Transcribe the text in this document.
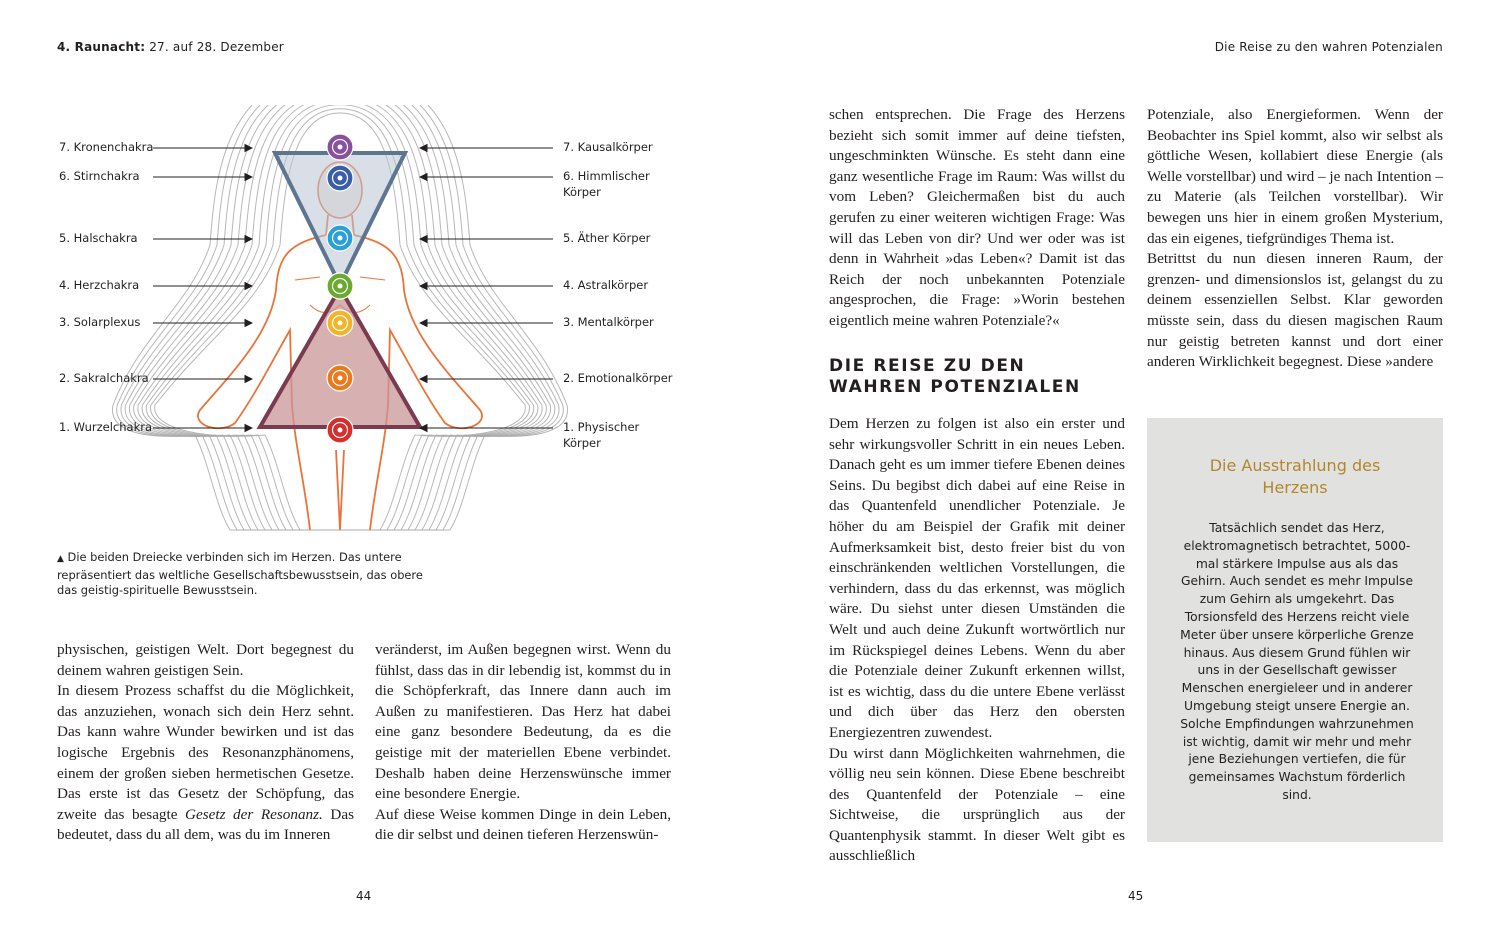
4. Raunacht: 27. auf 28. Dezember	Die Reise zu den wahren Potenzialen
7. Kronenchakra
6. Stirnchakra
5. Halschakra
4. Herzchakra
3. Solarplexus
2. Sakralchakra
1. Wurzelchakra
7. Kausalkörper
6. Himmlischer
Körper
5. Äther Körper
4. Astralkörper
3. Mentalkörper
2. Emotionalkörper
1. Physischer
Körper
▲ Die beiden Dreiecke verbinden sich im Herzen. Das untere repräsentiert das weltliche Gesellschaftsbewusstsein, das obere das geistig-spirituelle Bewusstsein.

physischen, geistigen Welt. Dort begegnest du deinem wahren geistigen Sein.

In diesem Prozess schaffst du die Möglichkeit, das anzuziehen, wonach sich dein Herz sehnt. Das kann wahre Wunder bewirken und ist das logische Ergebnis des Resonanzphänomens, einem der großen sieben hermetischen Gesetze. Das erste ist das Gesetz der Schöpfung, das zweite das besagte Gesetz der Resonanz. Das bedeutet, dass du all dem, was du im Inneren

veränderst, im Außen begegnen wirst. Wenn du fühlst, dass das in dir lebendig ist, kommst du in die Schöpferkraft, das Innere dann auch im Außen zu manifestieren. Das Herz hat dabei eine ganz besondere Bedeutung, da es die geistige mit der materiellen Ebene verbindet. Deshalb haben deine Herzenswünsche immer eine besondere Energie.

Auf diese Weise kommen Dinge in dein Leben, die dir selbst und deinen tieferen Herzenswün-

schen entsprechen. Die Frage des Herzens bezieht sich somit immer auf deine tiefsten, ungeschminkten Wünsche. Es steht dann eine ganz wesentliche Frage im Raum: Was willst du vom Leben? Gleichermaßen bist du auch gerufen zu einer weiteren wichtigen Frage: Was will das Leben von dir? Und wer oder was ist denn in Wahrheit »das Leben«? Damit ist das Reich der noch unbekannten Potenziale angesprochen, die Frage: »Worin bestehen eigentlich meine wahren Potenziale?«

DIE REISE ZU DEN
WAHREN POTENZIALEN

Dem Herzen zu folgen ist also ein erster und sehr wirkungsvoller Schritt in ein neues Leben. Danach geht es um immer tiefere Ebenen deines Seins. Du begibst dich dabei auf eine Reise in das Quantenfeld unendlicher Potenziale. Je höher du am Beispiel der Grafik mit deiner Aufmerksamkeit bist, desto freier bist du von einschränkenden weltlichen Vorstellungen, die verhindern, dass du das erkennst, was möglich wäre. Du siehst unter diesen Umständen die Welt und auch deine Zukunft wortwörtlich nur im Rückspiegel deines Lebens. Wenn du aber die Potenziale deiner Zukunft erkennen willst, ist es wichtig, dass du die untere Ebene verlässt und dich über das Herz den obersten Energiezentren zuwendest.

Du wirst dann Möglichkeiten wahrnehmen, die völlig neu sein können. Diese Ebene beschreibt des Quantenfeld der Potenziale – eine Sichtweise, die ursprünglich aus der Quantenphysik stammt. In dieser Welt gibt es ausschließlich

Potenziale, also Energieformen. Wenn der Beobachter ins Spiel kommt, also wir selbst als göttliche Wesen, kollabiert diese Energie (als Welle vorstellbar) und wird – je nach Intention – zu Materie (als Teilchen vorstellbar). Wir bewegen uns hier in einem großen Mysterium, das ein eigenes, tiefgründiges Thema ist.

Betrittst du nun diesen inneren Raum, der grenzen- und dimensionslos ist, gelangst du zu deinem essenziellen Selbst. Klar geworden müsste sein, dass du diesen magischen Raum nur geistig betreten kannst und dort einer anderen Wirklichkeit begegnest. Diese »andere

Die Ausstrahlung des
Herzens
Tatsächlich sendet das Herz, elektromagnetisch betrachtet, 5000-mal stärkere Impulse aus als das Gehirn. Auch sendet es mehr Impulse zum Gehirn als umgekehrt. Das Torsionsfeld des Herzens reicht viele Meter über unsere körperliche Grenze hinaus. Aus diesem Grund fühlen wir uns in der Gesellschaft gewisser Menschen energieleer und in anderer Umgebung steigt unsere Energie an. Solche Empfindungen wahrzunehmen ist wichtig, damit wir mehr und mehr jene Beziehungen vertiefen, die für gemeinsames Wachstum förderlich sind.
44	45
